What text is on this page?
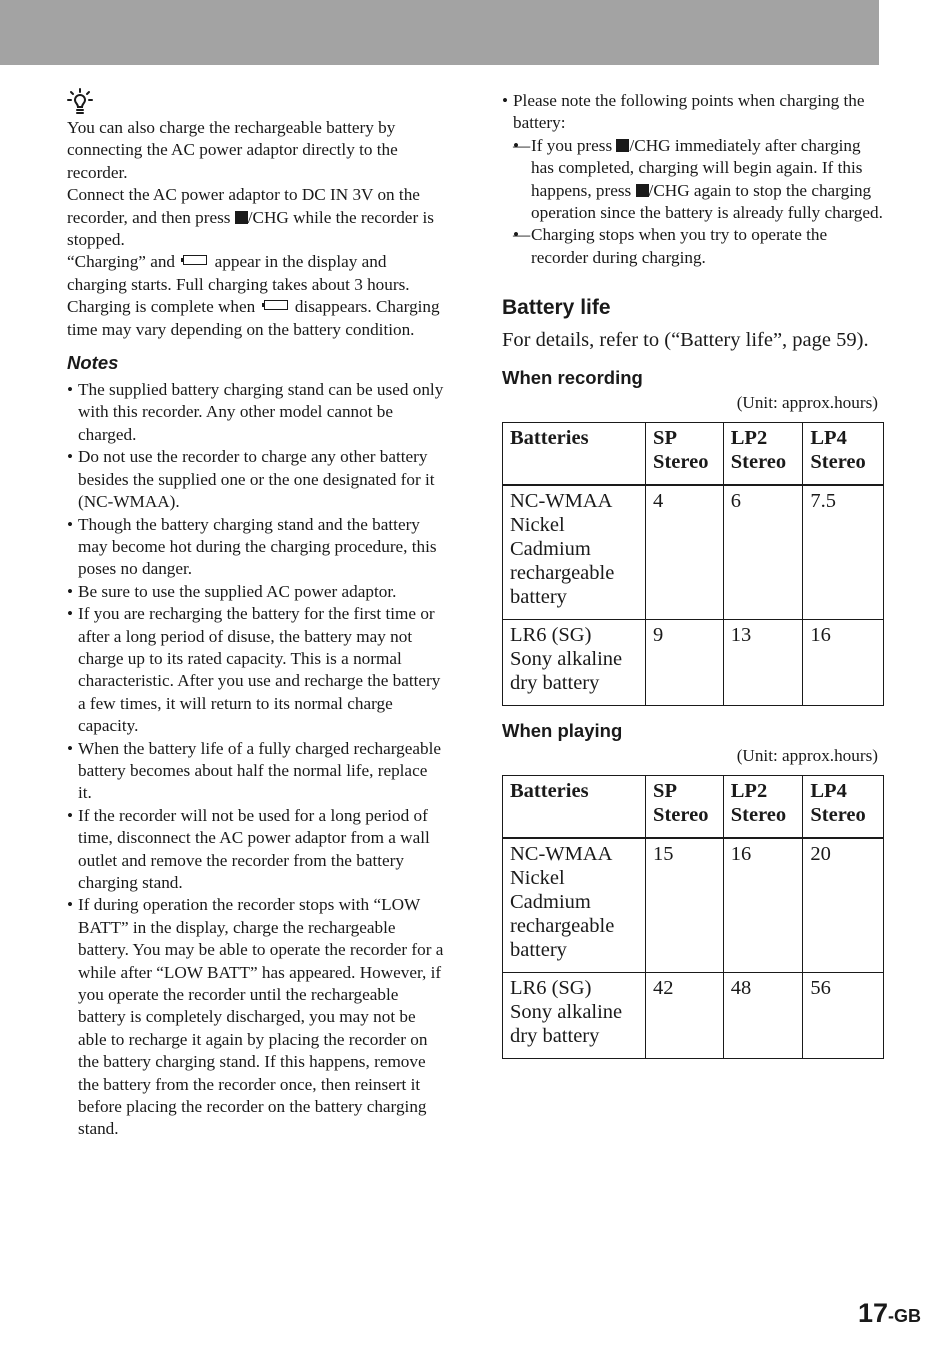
You can also charge the rechargeable battery by connecting the AC power adaptor directly to the recorder.

Connect the AC power adaptor to DC IN 3V on the recorder, and then press /CHG while the recorder is stopped.

“Charging” and  appear in the display and charging starts. Full charging takes about 3 hours. Charging is complete when  disappears. Charging time may vary depending on the battery condition.

Notes
• The supplied battery charging stand can be used only with this recorder. Any other model cannot be charged.
• Do not use the recorder to charge any other battery besides the supplied one or the one designated for it (NC-WMAA).
• Though the battery charging stand and the battery may become hot during the charging procedure, this poses no danger.
• Be sure to use the supplied AC power adaptor.
• If you are recharging the battery for the first time or after a long period of disuse, the battery may not charge up to its rated capacity. This is a normal characteristic. After you use and recharge the battery a few times, it will return to its normal charge capacity.
• When the battery life of a fully charged rechargeable battery becomes about half the normal life, replace it.
• If the recorder will not be used for a long period of time, disconnect the AC power adaptor from a wall outlet and remove the recorder from the battery charging stand.
• If during operation the recorder stops with “LOW BATT” in the display, charge the rechargeable battery. You may be able to operate the recorder for a while after “LOW BATT” has appeared. However, if you operate the recorder until the rechargeable battery is completely discharged, you may not be able to recharge it again by placing the recorder on the battery charging stand. If this happens, remove the battery from the recorder once, then reinsert it before placing the recorder on the battery charging stand.
• Please note the following points when charging the battery:
• — If you press /CHG immediately after charging has completed, charging will begin again. If this happens, press /CHG again to stop the charging operation since the battery is already fully charged.
• — Charging stops when you try to operate the recorder during charging.
Battery life

For details, refer to (“Battery life”, page 59).

When recording
(Unit: approx.hours)
Batteries	SP Stereo	LP2 Stereo	LP4 Stereo
NC-WMAA Nickel Cadmium rechargeable battery	4	6	7.5
LR6 (SG) Sony alkaline dry battery	9	13	16
When playing
(Unit: approx.hours)
Batteries	SP Stereo	LP2 Stereo	LP4 Stereo
NC-WMAA Nickel Cadmium rechargeable battery	15	16	20
LR6 (SG) Sony alkaline dry battery	42	48	56
17-GB
